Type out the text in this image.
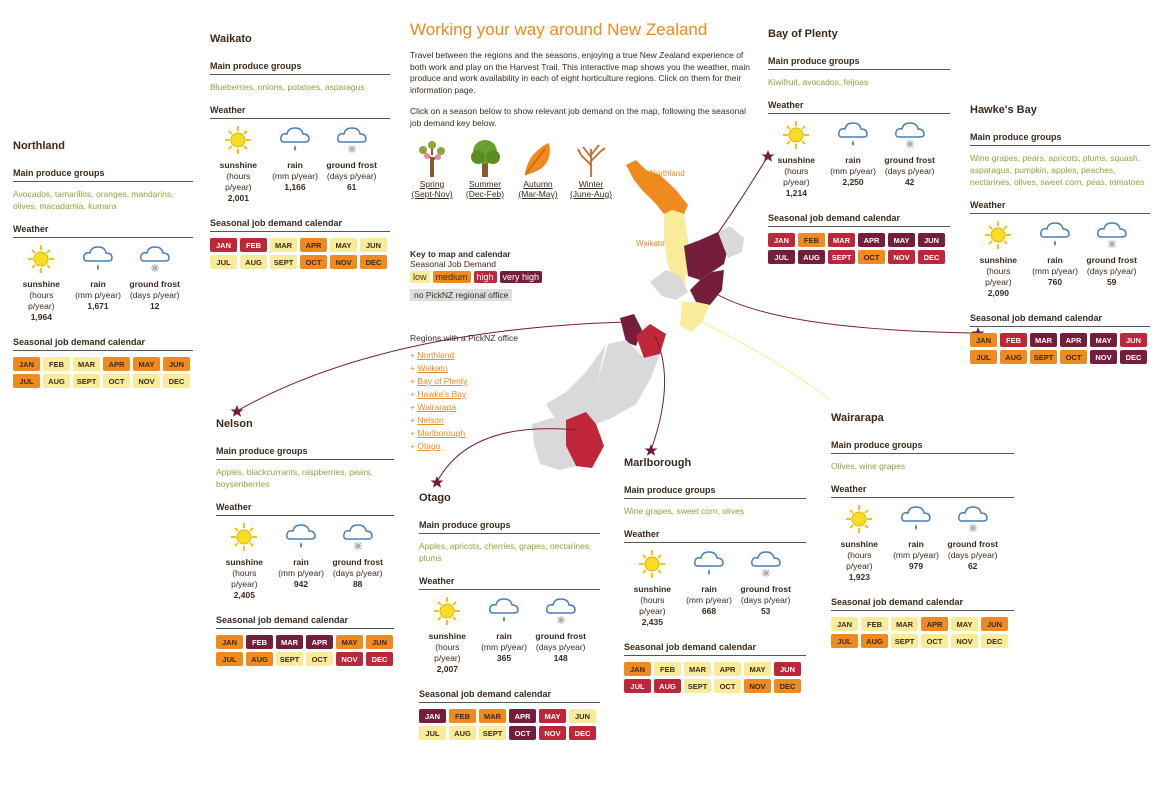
Northland
Waikato
Working your way around New Zealand

Travel between the regions and the seasons, enjoying a true New Zealand experience of both work and play on the Harvest Trail. This interactive map shows you the weather, main produce and work availability in each of eight horticulture regions. Click on them for their information page.

Click on a season below to show relevant job demand on the map, following the seasonal job demand key below.

Spring
(Sept-Nov)
Summer
(Dec-Feb)
Autumn
(Mar-May)
Winter
(June-Aug)
Key to map and calendar
Seasonal Job Demand
low	medium	high	very high
no PickNZ regional office
Regions with a PickNZ office
+ Northland
+ Waikato
+ Bay of Plenty
+ Hawke's Bay
+ Wairarapa
+ Nelson
+ Marlborough
+ Otago
Northland
Main produce groups
Avocados, tamarillos, oranges, mandarins, olives, macadamia, kumara
Weather
sunshine
(hours
p/year)
1,964
rain
(mm p/year)
1,671
ground frost
(days p/year)
12
Seasonal job demand calendar
JAN	FEB	MAR	APR	MAY	JUN
JUL	AUG	SEPT	OCT	NOV	DEC
Waikato
Main produce groups
Blueberries, onions, potatoes, asparagus
Weather
sunshine
(hours
p/year)
2,001
rain
(mm p/year)
1,166
ground frost
(days p/year)
61
Seasonal job demand calendar
JAN	FEB	MAR	APR	MAY	JUN
JUL	AUG	SEPT	OCT	NOV	DEC
Bay of Plenty
Main produce groups
Kiwifruit, avocados, feijoas
Weather
sunshine
(hours
p/year)
1,214
rain
(mm p/year)
2,250
ground frost
(days p/year)
42
Seasonal job demand calendar
JAN	FEB	MAR	APR	MAY	JUN
JUL	AUG	SEPT	OCT	NOV	DEC
Hawke's Bay
Main produce groups
Wine grapes, pears, apricots, plums, squash, asparagus, pumpkin, apples, peaches, nectarines, olives, sweet corn, peas, tomatoes
Weather
sunshine
(hours
p/year)
2,090
rain
(mm p/year)
760
ground frost
(days p/year)
59
Seasonal job demand calendar
JAN	FEB	MAR	APR	MAY	JUN
JUL	AUG	SEPT	OCT	NOV	DEC
Nelson
Main produce groups
Apples, blackcurrants, raspberries, pears, boysenberries
Weather
sunshine
(hours
p/year)
2,405
rain
(mm p/year)
942
ground frost
(days p/year)
88
Seasonal job demand calendar
JAN	FEB	MAR	APR	MAY	JUN
JUL	AUG	SEPT	OCT	NOV	DEC
Otago
Main produce groups
Apples, apricots, cherries, grapes, nectarines, plums
Weather
sunshine
(hours
p/year)
2,007
rain
(mm p/year)
365
ground frost
(days p/year)
148
Seasonal job demand calendar
JAN	FEB	MAR	APR	MAY	JUN
JUL	AUG	SEPT	OCT	NOV	DEC
Marlborough
Main produce groups
Wine grapes, sweet corn, olives
Weather
sunshine
(hours
p/year)
2,435
rain
(mm p/year)
668
ground frost
(days p/year)
53
Seasonal job demand calendar
JAN	FEB	MAR	APR	MAY	JUN
JUL	AUG	SEPT	OCT	NOV	DEC
Wairarapa
Main produce groups
Olives, wine grapes
Weather
sunshine
(hours
p/year)
1,923
rain
(mm p/year)
979
ground frost
(days p/year)
62
Seasonal job demand calendar
JAN	FEB	MAR	APR	MAY	JUN
JUL	AUG	SEPT	OCT	NOV	DEC
